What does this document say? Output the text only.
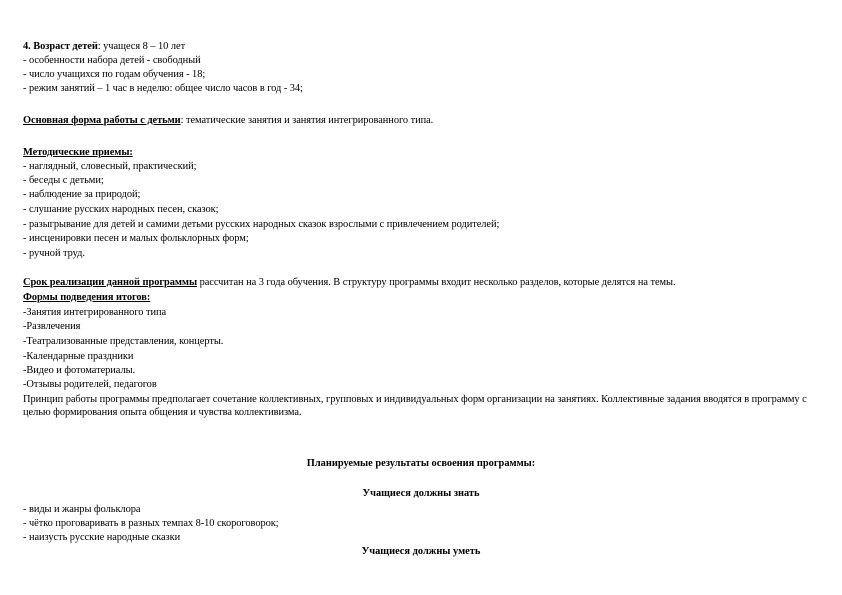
4. Возраст детей: учащеся 8 – 10 лет
- особенности набора детей - свободный
- число учащихся по годам обучения - 18;
- режим занятий – 1 час в неделю: общее число часов в год - 34;
Основная форма работы с детьми: тематические занятия и занятия интегрированного типа.
Методические приемы:
- наглядный, словесный, практический;
- беседы с детьми;
- наблюдение за природой;
- слушание русских народных песен, сказок;
- разыгрывание для детей и самими детьми русских народных сказок взрослыми с привлечением родителей;
- инсценировки песен и малых фольклорных форм;
- ручной труд.
Срок реализации данной программы рассчитан на 3 года обучения. В структуру программы входит несколько разделов, которые делятся на темы.
Формы подведения итогов:
-Занятия интегрированного типа
-Развлечения
-Театрализованные представления, концерты.
-Календарные праздники
-Видео и фотоматериалы.
-Отзывы родителей, педагогов
Принцип работы программы предполагает сочетание коллективных, групповых и индивидуальных форм организации на занятиях. Коллективные задания вводятся в программу с целью формирования опыта общения и чувства коллективизма.
Планируемые результаты освоения программы:
Учащиеся должны знать
- виды и жанры фольклора
- чётко проговаривать в разных темпах 8-10 скороговорок;
- наизусть русские народные сказки
Учащиеся должны уметь
